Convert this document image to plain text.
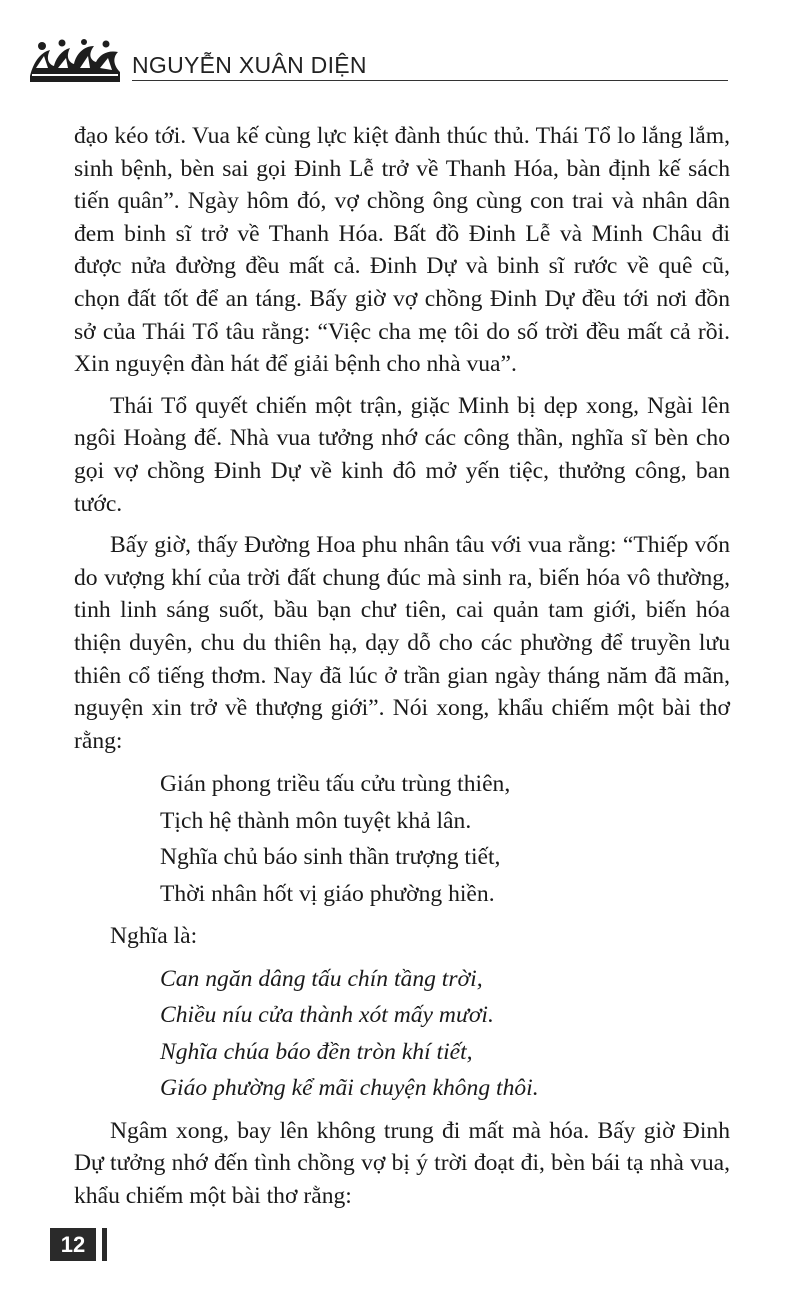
NGUYỄN XUÂN DIỆN

đạo kéo tới. Vua kế cùng lực kiệt đành thúc thủ. Thái Tổ lo lắng lắm, sinh bệnh, bèn sai gọi Đinh Lễ trở về Thanh Hóa, bàn định kế sách tiến quân”. Ngày hôm đó, vợ chồng ông cùng con trai và nhân dân đem binh sĩ trở về Thanh Hóa. Bất đồ Đinh Lễ và Minh Châu đi được nửa đường đều mất cả. Đinh Dự và binh sĩ rước về quê cũ, chọn đất tốt để an táng. Bấy giờ vợ chồng Đinh Dự đều tới nơi đồn sở của Thái Tổ tâu rằng: “Việc cha mẹ tôi do số trời đều mất cả rồi. Xin nguyện đàn hát để giải bệnh cho nhà vua”.

Thái Tổ quyết chiến một trận, giặc Minh bị dẹp xong, Ngài lên ngôi Hoàng đế. Nhà vua tưởng nhớ các công thần, nghĩa sĩ bèn cho gọi vợ chồng Đinh Dự về kinh đô mở yến tiệc, thưởng công, ban tước.

Bấy giờ, thấy Đường Hoa phu nhân tâu với vua rằng: “Thiếp vốn do vượng khí của trời đất chung đúc mà sinh ra, biến hóa vô thường, tinh linh sáng suốt, bầu bạn chư tiên, cai quản tam giới, biến hóa thiện duyên, chu du thiên hạ, dạy dỗ cho các phường để truyền lưu thiên cổ tiếng thơm. Nay đã lúc ở trần gian ngày tháng năm đã mãn, nguyện xin trở về thượng giới”. Nói xong, khẩu chiếm một bài thơ rằng:

Gián phong triều tấu cửu trùng thiên,
Tịch hệ thành môn tuyệt khả lân.
Nghĩa chủ báo sinh thần trượng tiết,
Thời nhân hốt vị giáo phường hiền.

Nghĩa là:

Can ngăn dâng tấu chín tầng trời,
Chiều níu cửa thành xót mấy mươi.
Nghĩa chúa báo đền tròn khí tiết,
Giáo phường kể mãi chuyện không thôi.

Ngâm xong, bay lên không trung đi mất mà hóa. Bấy giờ Đinh Dự tưởng nhớ đến tình chồng vợ bị ý trời đoạt đi, bèn bái tạ nhà vua, khẩu chiếm một bài thơ rằng:

12
